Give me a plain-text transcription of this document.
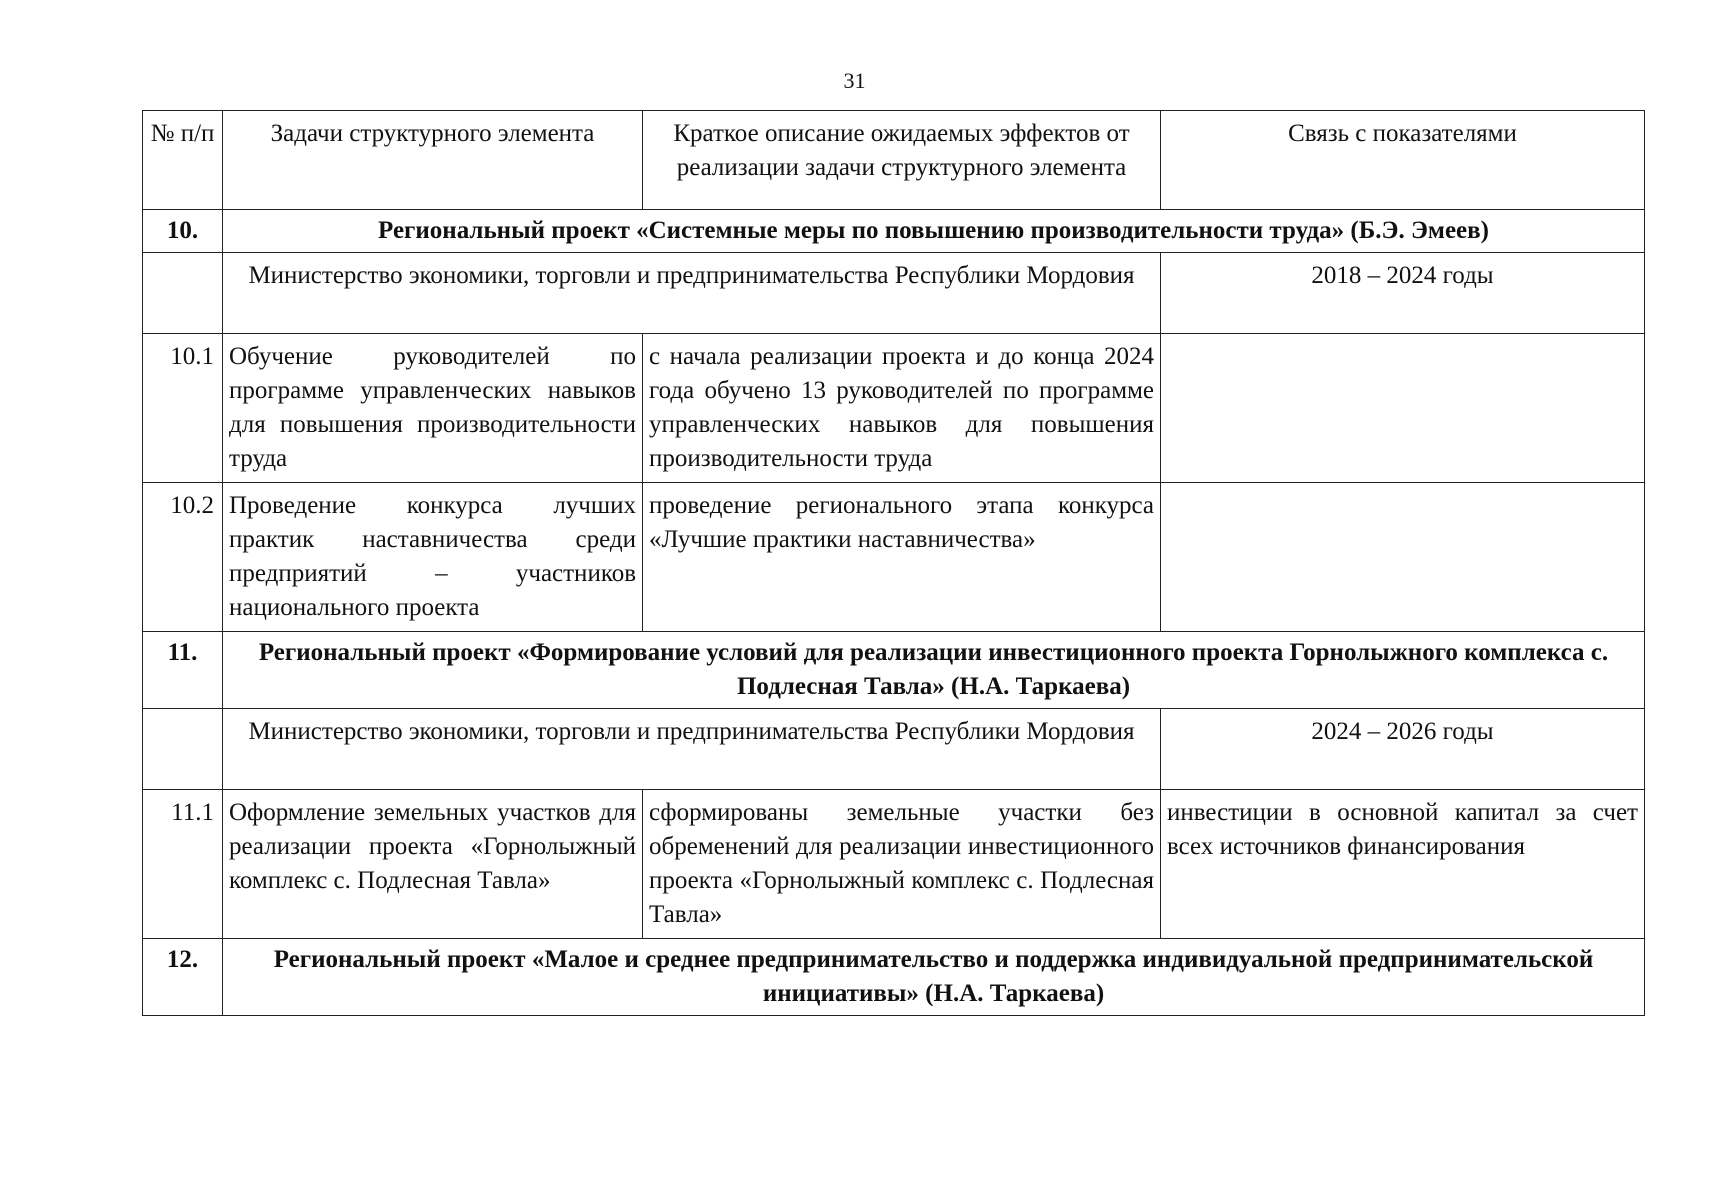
31
№ п/п	Задачи структурного элемента	Краткое описание ожидаемых эффектов от реализации задачи структурного элемента	Связь с показателями
10.	Региональный проект «Системные меры по повышению производительности труда» (Б.Э. Эмеев)		
	Министерство экономики, торговли и предпринимательства Республики Мордовия		2018 – 2024 годы
10.1	Обучение руководителей по программе управленческих навыков для повышения производительности труда	с начала реализации проекта и до конца 2024 года обучено 13 руководителей по программе управленческих навыков для повышения производительности труда	
10.2	Проведение конкурса лучших практик наставничества среди предприятий – участников национального проекта	проведение регионального этапа конкурса «Лучшие практики наставничества»	
11.	Региональный проект «Формирование условий для реализации инвестиционного проекта Горнолыжного комплекса с. Подлесная Тавла» (Н.А. Таркаева)		
	Министерство экономики, торговли и предпринимательства Республики Мордовия		2024 – 2026 годы
11.1	Оформление земельных участков для реализации проекта «Горнолыжный комплекс с. Подлесная Тавла»	сформированы земельные участки без обременений для реализации инвестиционного проекта «Горнолыжный комплекс с. Подлесная Тавла»	инвестиции в основной капитал за счет всех источников финансирования
12.	Региональный проект «Малое и среднее предпринимательство и поддержка индивидуальной предпринимательской инициативы» (Н.А. Таркаева)		
